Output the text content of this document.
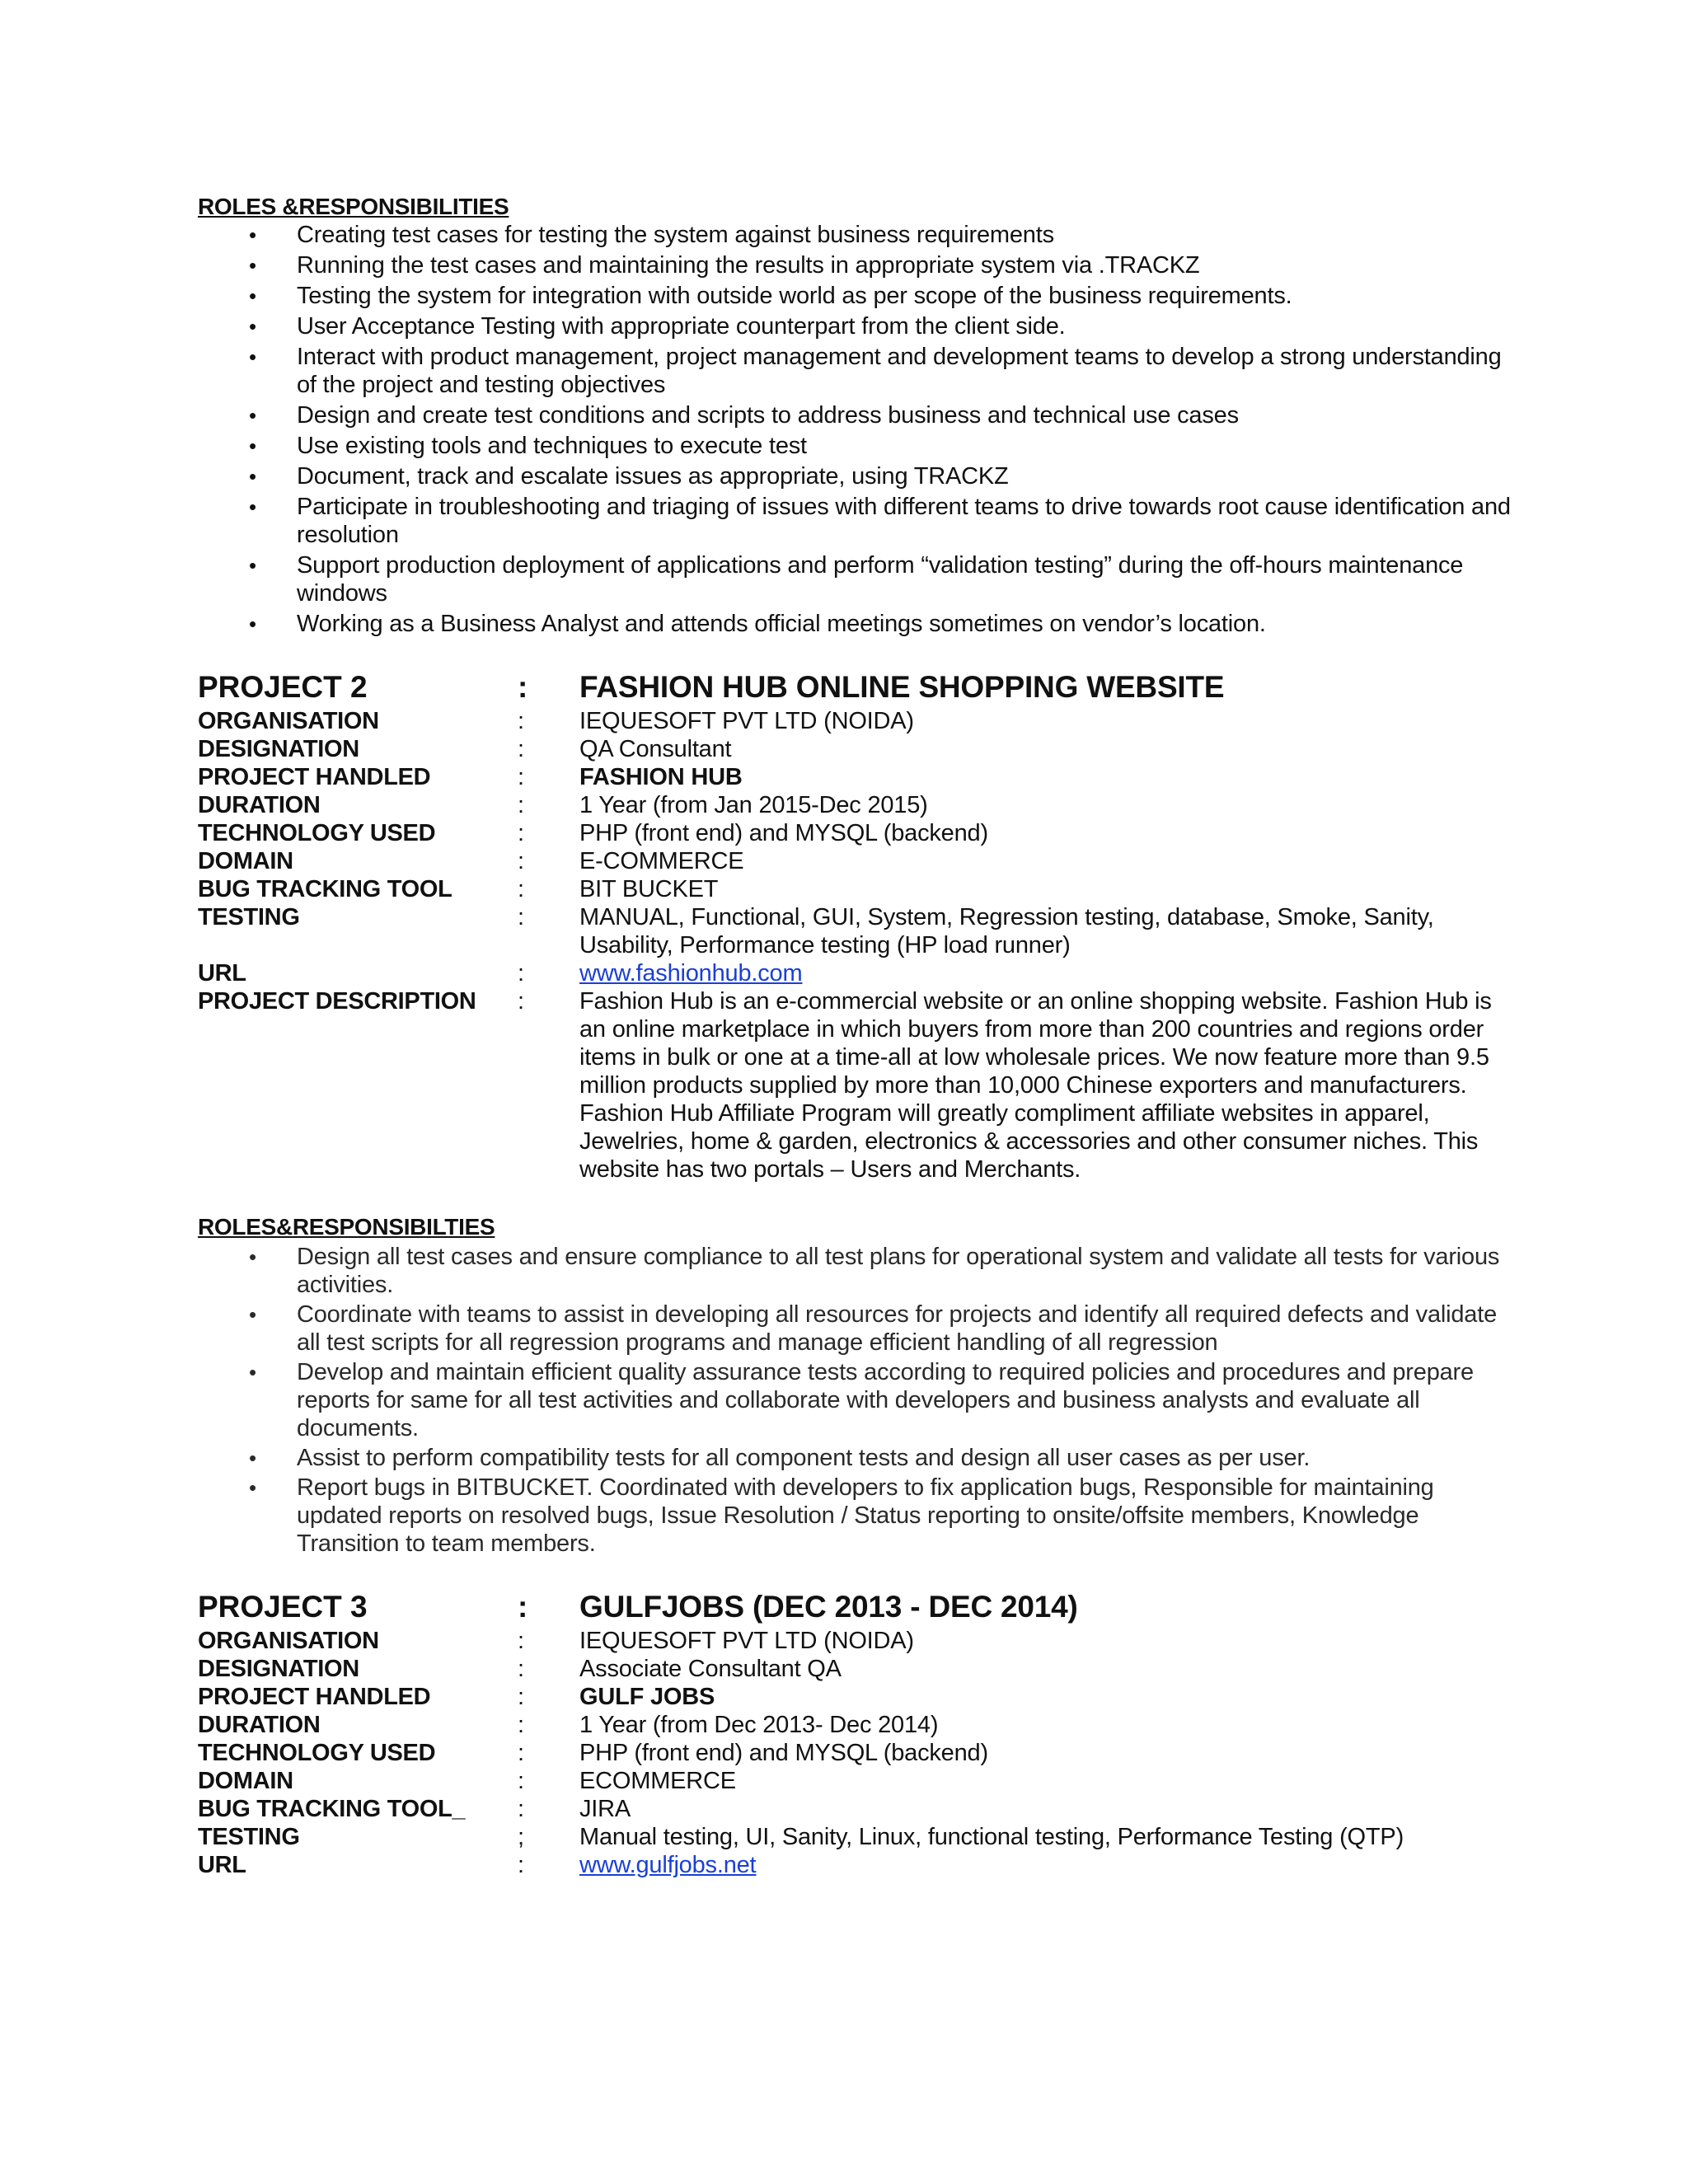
ROLES &RESPONSIBILITIES
• Creating test cases for testing the system against business requirements
• Running the test cases and maintaining the results in appropriate system via .TRACKZ
• Testing the system for integration with outside world as per scope of the business requirements.
• User Acceptance Testing with appropriate counterpart from the client side.
• Interact with product management, project management and development teams to develop a strong understanding of the project and testing objectives
• Design and create test conditions and scripts to address business and technical use cases
• Use existing tools and techniques to execute test
• Document, track and escalate issues as appropriate, using TRACKZ
• Participate in troubleshooting and triaging of issues with different teams to drive towards root cause identification and resolution
• Support production deployment of applications and perform “validation testing” during the off-hours maintenance windows
• Working as a Business Analyst and attends official meetings sometimes on vendor’s location.
PROJECT 2	:	FASHION HUB ONLINE SHOPPING WEBSITE
ORGANISATION	:	IEQUESOFT PVT LTD (NOIDA)
DESIGNATION	:	QA Consultant
PROJECT HANDLED	:	FASHION HUB
DURATION	:	1 Year (from Jan 2015-Dec 2015)
TECHNOLOGY USED	:	PHP (front end) and MYSQL (backend)
DOMAIN	:	E-COMMERCE
BUG TRACKING TOOL	:	BIT BUCKET
TESTING	:	MANUAL, Functional, GUI, System, Regression testing, database, Smoke, Sanity, Usability, Performance testing (HP load runner)
URL	:	www.fashionhub.com
PROJECT DESCRIPTION	:	Fashion Hub is an e-commercial website or an online shopping website. Fashion Hub is an online marketplace in which buyers from more than 200 countries and regions order items in bulk or one at a time-all at low wholesale prices. We now feature more than 9.5 million products supplied by more than 10,000 Chinese exporters and manufacturers.
Fashion Hub Affiliate Program will greatly compliment affiliate websites in apparel, Jewelries, home & garden, electronics & accessories and other consumer niches. This website has two portals – Users and Merchants.
ROLES&RESPONSIBILTIES
• Design all test cases and ensure compliance to all test plans for operational system and validate all tests for various activities.
• Coordinate with teams to assist in developing all resources for projects and identify all required defects and validate all test scripts for all regression programs and manage efficient handling of all regression
• Develop and maintain efficient quality assurance tests according to required policies and procedures and prepare reports for same for all test activities and collaborate with developers and business analysts and evaluate all documents.
• Assist to perform compatibility tests for all component tests and design all user cases as per user.
• Report bugs in BITBUCKET. Coordinated with developers to fix application bugs, Responsible for maintaining updated reports on resolved bugs, Issue Resolution / Status reporting to onsite/offsite members, Knowledge Transition to team members.
PROJECT 3	:	GULFJOBS (DEC 2013 - DEC 2014)
ORGANISATION	:	IEQUESOFT PVT LTD (NOIDA)
DESIGNATION	:	Associate Consultant QA
PROJECT HANDLED	:	GULF JOBS
DURATION	:	1 Year (from Dec 2013- Dec 2014)
TECHNOLOGY USED	:	PHP (front end) and MYSQL (backend)
DOMAIN	:	ECOMMERCE
BUG TRACKING TOOL_	:	JIRA
TESTING	;	Manual testing, UI, Sanity, Linux, functional testing, Performance Testing (QTP)
URL	:	www.gulfjobs.net
